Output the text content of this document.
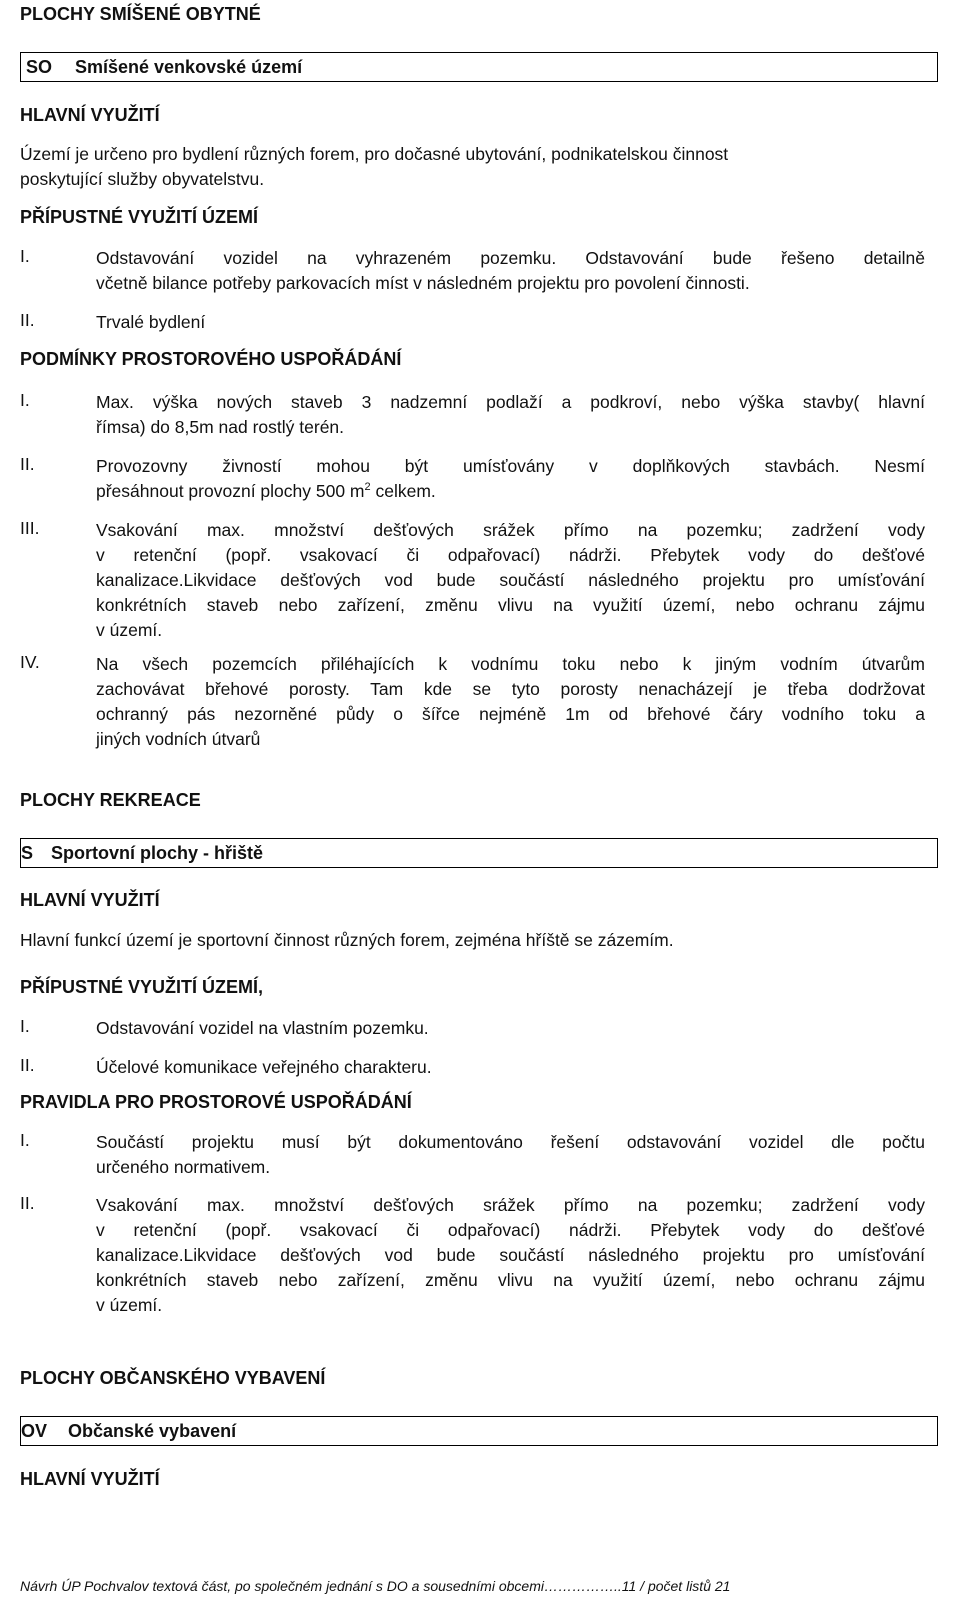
PLOCHY SMÍŠENÉ OBYTNÉ
SO Smíšené venkovské území
HLAVNÍ VYUŽITÍ
Území je určeno pro bydlení různých forem, pro dočasné ubytování, podnikatelskou činnost
poskytující služby obyvatelstvu.
PŘÍPUSTNÉ VYUŽITÍ ÚZEMÍ
I.	Odstavování vozidel na vyhrazeném pozemku. Odstavování bude řešeno detailně
včetně bilance potřeby parkovacích míst v následném projektu pro povolení činnosti.
II.	Trvalé bydlení
PODMÍNKY PROSTOROVÉHO USPOŘÁDÁNÍ
I.	Max. výška nových staveb 3 nadzemní podlaží a podkroví, nebo výška stavby( hlavní
římsa) do 8,5m nad rostlý terén.
II.	Provozovny živností mohou být umísťovány v doplňkových stavbách. Nesmí
přesáhnout provozní plochy 500 $m^2$ celkem.
III.	Vsakování max. množství dešťových srážek přímo na pozemku; zadržení vody
v retenční (popř. vsakovací či odpařovací) nádrži. Přebytek vody do dešťové
kanalizace.Likvidace dešťových vod bude součástí následného projektu pro umísťování
konkrétních staveb nebo zařízení, změnu vlivu na využití území, nebo ochranu zájmu
v území.
IV.	Na všech pozemcích přiléhajících k vodnímu toku nebo k jiným vodním útvarům
zachovávat břehové porosty. Tam kde se tyto porosty nenacházejí je třeba dodržovat
ochranný pás nezorněné půdy o šířce nejméně 1m od břehové čáry vodního toku a
jiných vodních útvarů
PLOCHY REKREACE
S Sportovní plochy - hřiště
HLAVNÍ VYUŽITÍ
Hlavní funkcí území je sportovní činnost různých forem, zejména hříště se zázemím.
PŘÍPUSTNÉ VYUŽITÍ ÚZEMÍ,
I.	Odstavování vozidel na vlastním pozemku.
II.	Účelové komunikace veřejného charakteru.
PRAVIDLA PRO PROSTOROVÉ USPOŘÁDÁNÍ
I.	Součástí projektu musí být dokumentováno řešení odstavování vozidel dle počtu
určeného normativem.
II.	Vsakování max. množství dešťových srážek přímo na pozemku; zadržení vody
v retenční (popř. vsakovací či odpařovací) nádrži. Přebytek vody do dešťové
kanalizace.Likvidace dešťových vod bude součástí následného projektu pro umísťování
konkrétních staveb nebo zařízení, změnu vlivu na využití území, nebo ochranu zájmu
v území.
PLOCHY OBČANSKÉHO VYBAVENÍ
OV Občanské vybavení
HLAVNÍ VYUŽITÍ
Návrh ÚP Pochvalov textová část, po společném jednání s DO a sousedními obcemi……………..11 / počet listů 21
